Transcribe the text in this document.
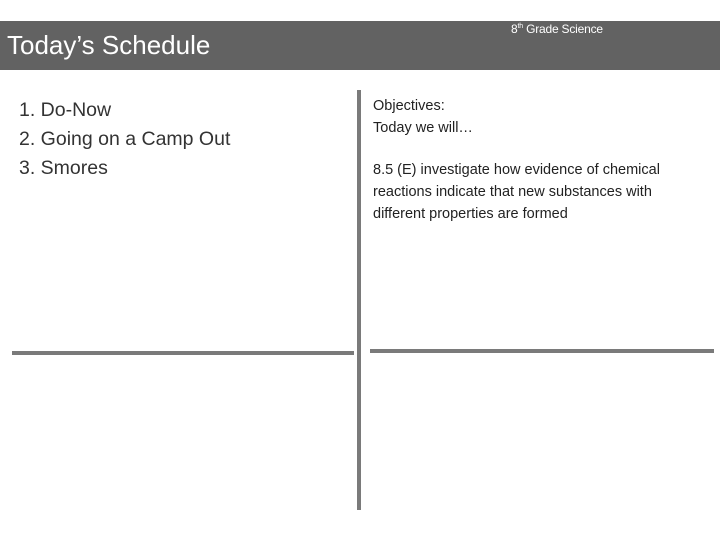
Today’s Schedule
8th Grade Science
1. Do-Now
2. Going on a Camp Out
3. Smores
Objectives:
Today we will…
8.5 (E) investigate how evidence of chemical reactions indicate that new substances with different properties are formed
